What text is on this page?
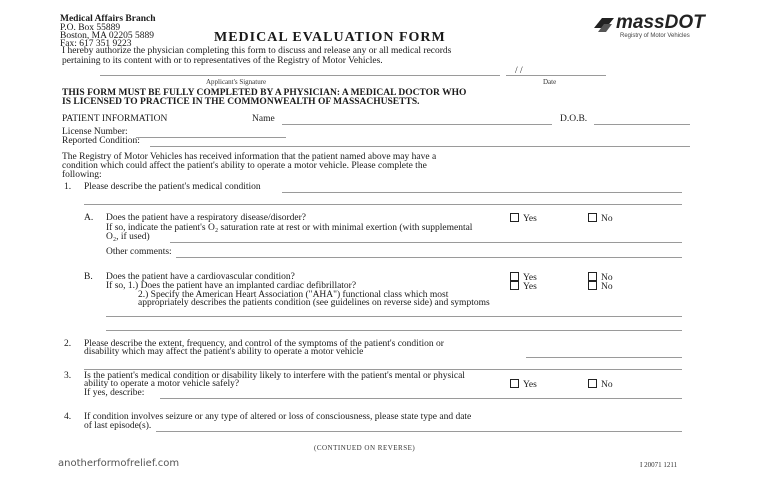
Medical Affairs Branch
P.O. Box 55889
Boston, MA 02205 5889
Fax: 617 351 9223	MEDICAL EVALUATION FORM
massDOT
Registry of Motor Vehicles
I hereby authorize the physician completing this form to discuss and release any or all medical records
pertaining to its content with or to representatives of the Registry of Motor Vehicles.
Applicant's Signature
/ /
Date
THIS FORM MUST BE FULLY COMPLETED BY A PHYSICIAN: A MEDICAL DOCTOR WHO
IS LICENSED TO PRACTICE IN THE COMMONWEALTH OF MASSACHUSETTS.
PATIENT INFORMATION	Name	D.O.B.
License Number:
Reported Condition:
The Registry of Motor Vehicles has received information that the patient named above may have a
condition which could affect the patient's ability to operate a motor vehicle. Please complete the
following:
1. Please describe the patient's medical condition
A. Does the patient have a respiratory disease/disorder?	Yes	No
If so, indicate the patient's O₂ saturation rate at rest or with minimal exertion (with supplemental
O₂, if used)
Other comments:
B. Does the patient have a cardiovascular condition?	Yes	No
If so, 1.) Does the patient have an implanted cardiac defibrillator?	Yes	No
2.) Specify the American Heart Association ("AHA") functional class which most
appropriately describes the patients condition (see guidelines on reverse side) and symptoms
2. Please describe the extent, frequency, and control of the symptoms of the patient's condition or
disability which may affect the patient's ability to operate a motor vehicle
3. Is the patient's medical condition or disability likely to interfere with the patient's mental or physical
ability to operate a motor vehicle safely?	Yes	No
If yes, describe:
4. If condition involves seizure or any type of altered or loss of consciousness, please state type and date
of last episode(s).
(CONTINUED ON REVERSE)
anotherformofrelief.com	I 20071 1211
